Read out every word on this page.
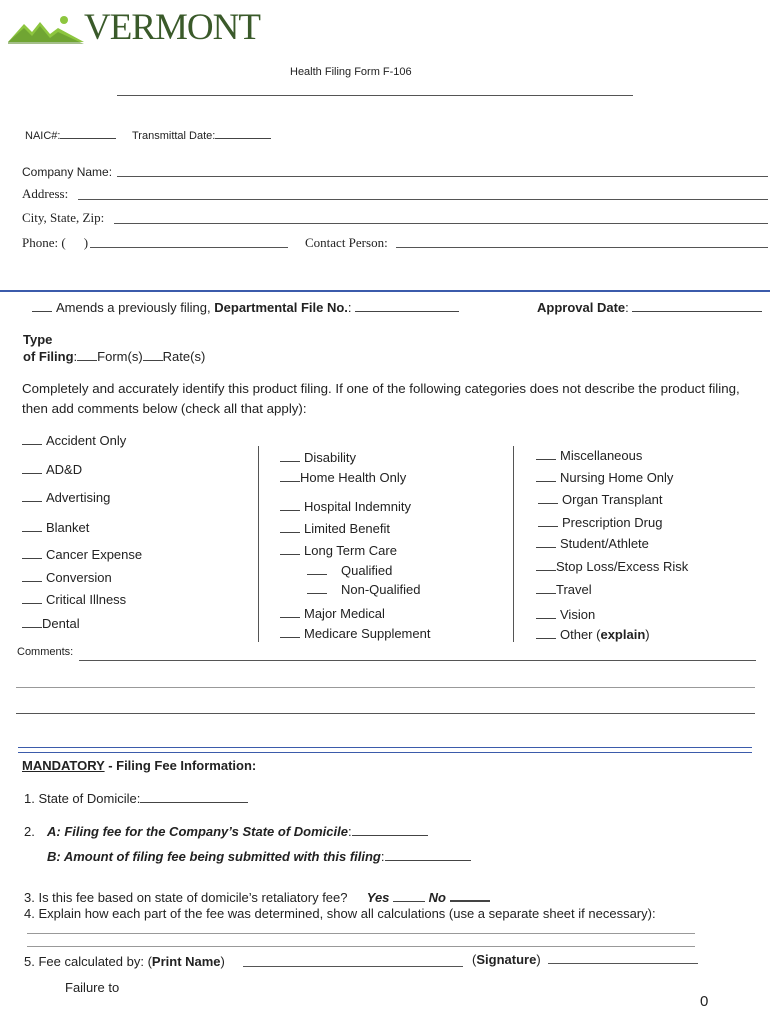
VERMONT
Health Filing Form F-106
NAIC#:	Transmittal Date:
Company Name:
Address:
City, State, Zip:
Phone: ( )	Contact Person:
Amends a previously filing, Departmental File No.:	Approval Date:
Type
of Filing: Form(s) Rate(s)
Completely and accurately identify this product filing. If one of the following categories does not describe the product filing,
then add comments below (check all that apply):
Accident Only
AD&D
Advertising
Blanket
Cancer Expense
Conversion
Critical Illness
Dental
Disability
Home Health Only
Hospital Indemnity
Limited Benefit
Long Term Care
Qualified
Non-Qualified
Major Medical
Medicare Supplement
Miscellaneous
Nursing Home Only
Organ Transplant
Prescription Drug
Student/Athlete
Stop Loss/Excess Risk
Travel
Vision
Other (explain)
Comments:
MANDATORY - Filing Fee Information:
1. State of Domicile:
2. A: Filing fee for the Company’s State of Domicile:
B: Amount of filing fee being submitted with this filing:
3. Is this fee based on state of domicile’s retaliatory fee? Yes	No
4. Explain how each part of the fee was determined, show all calculations (use a separate sheet if necessary):
5. Fee calculated by: (Print Name)	(Signature)
Failure to
0
